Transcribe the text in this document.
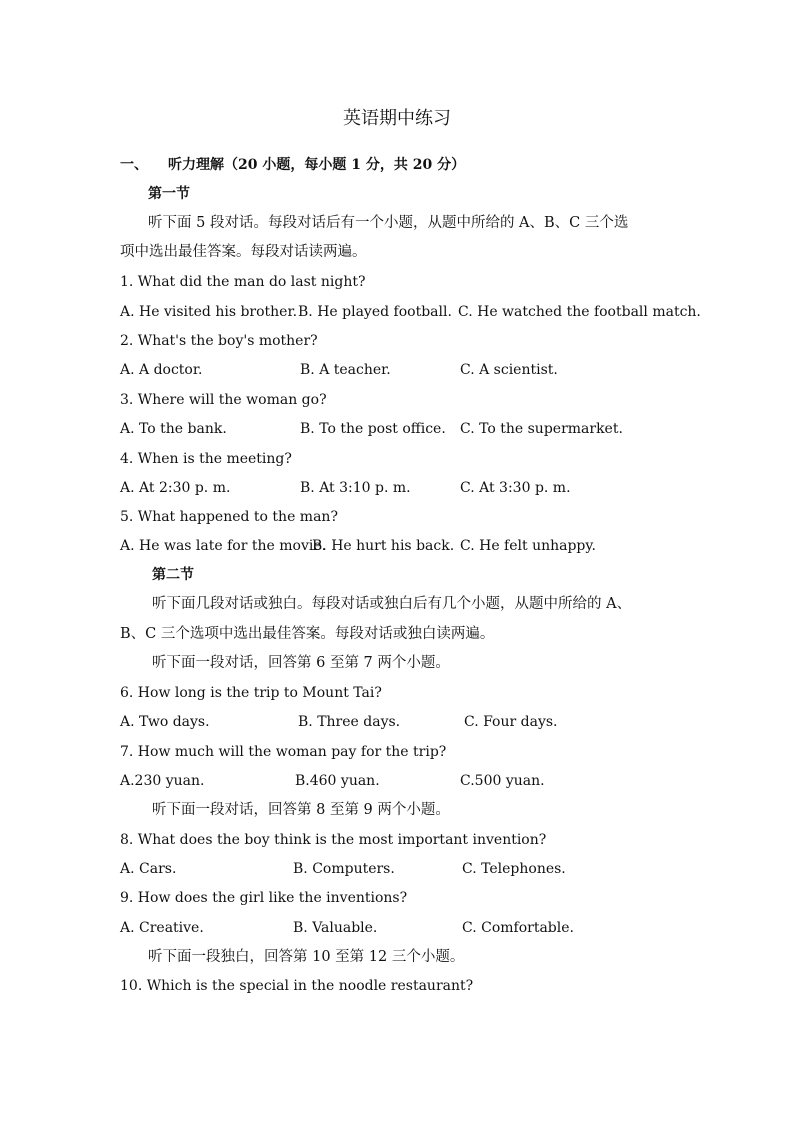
英语期中练习
一、 听力理解（20 小题，每小题 1 分，共 20 分）
第一节
听下面 5 段对话。每段对话后有一个小题，从题中所给的 A、B、C 三个选
项中选出最佳答案。每段对话读两遍。
1. What did the man do last night?
A. He visited his brother. B. He played football. C. He watched the football match.
2. What's the boy's mother?
A. A doctor.	B. A teacher.	C. A scientist.
3. Where will the woman go?
A. To the bank.	B. To the post office. C. To the supermarket.
4. When is the meeting?
A. At 2:30 p. m.	B. At 3:10 p. m.	C. At 3:30 p. m.
5. What happened to the man?
A. He was late for the movie.
B. He hurt his back. C. He felt unhappy.
第二节
听下面几段对话或独白。每段对话或独白后有几个小题，从题中所给的 A、
B、C 三个选项中选出最佳答案。每段对话或独白读两遍。
听下面一段对话，回答第 6 至第 7 两个小题。
6. How long is the trip to Mount Tai?
A. Two days.	B. Three days.	C. Four days.
7. How much will the woman pay for the trip?
A.230 yuan.	B.460 yuan.	C.500 yuan.
听下面一段对话，回答第 8 至第 9 两个小题。
8. What does the boy think is the most important invention?
A. Cars.	B. Computers.	C. Telephones.
9. How does the girl like the inventions?
A. Creative.	B. Valuable.	C. Comfortable.
听下面一段独白，回答第 10 至第 12 三个小题。
10. Which is the special in the noodle restaurant?
